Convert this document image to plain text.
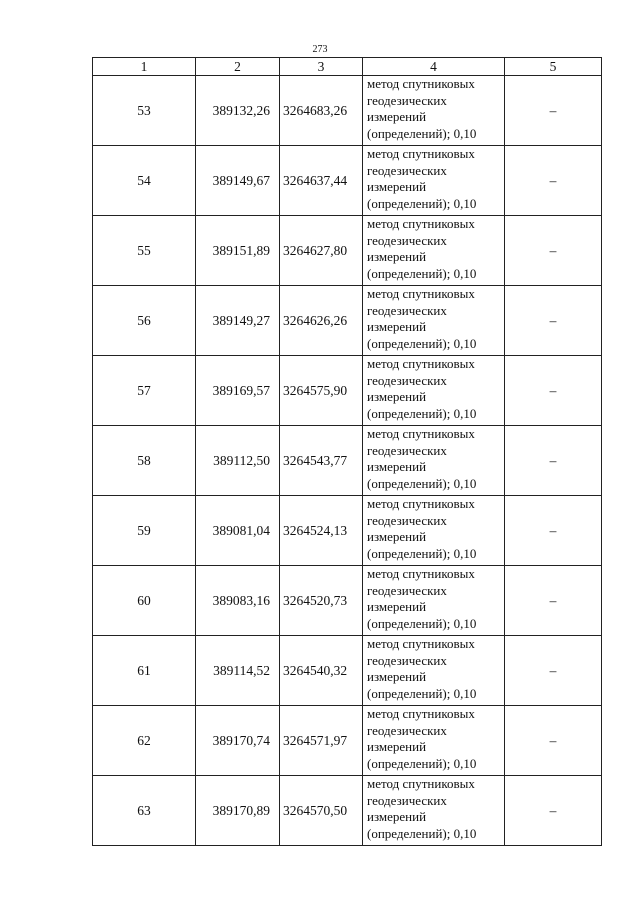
273
1	2	3	4	5
53	389132,26	3264683,26	метод спутниковых
геодезических
измерений
(определений); 0,10	–
54	389149,67	3264637,44	метод спутниковых
геодезических
измерений
(определений); 0,10	–
55	389151,89	3264627,80	метод спутниковых
геодезических
измерений
(определений); 0,10	–
56	389149,27	3264626,26	метод спутниковых
геодезических
измерений
(определений); 0,10	–
57	389169,57	3264575,90	метод спутниковых
геодезических
измерений
(определений); 0,10	–
58	389112,50	3264543,77	метод спутниковых
геодезических
измерений
(определений); 0,10	–
59	389081,04	3264524,13	метод спутниковых
геодезических
измерений
(определений); 0,10	–
60	389083,16	3264520,73	метод спутниковых
геодезических
измерений
(определений); 0,10	–
61	389114,52	3264540,32	метод спутниковых
геодезических
измерений
(определений); 0,10	–
62	389170,74	3264571,97	метод спутниковых
геодезических
измерений
(определений); 0,10	–
63	389170,89	3264570,50	метод спутниковых
геодезических
измерений
(определений); 0,10	–
